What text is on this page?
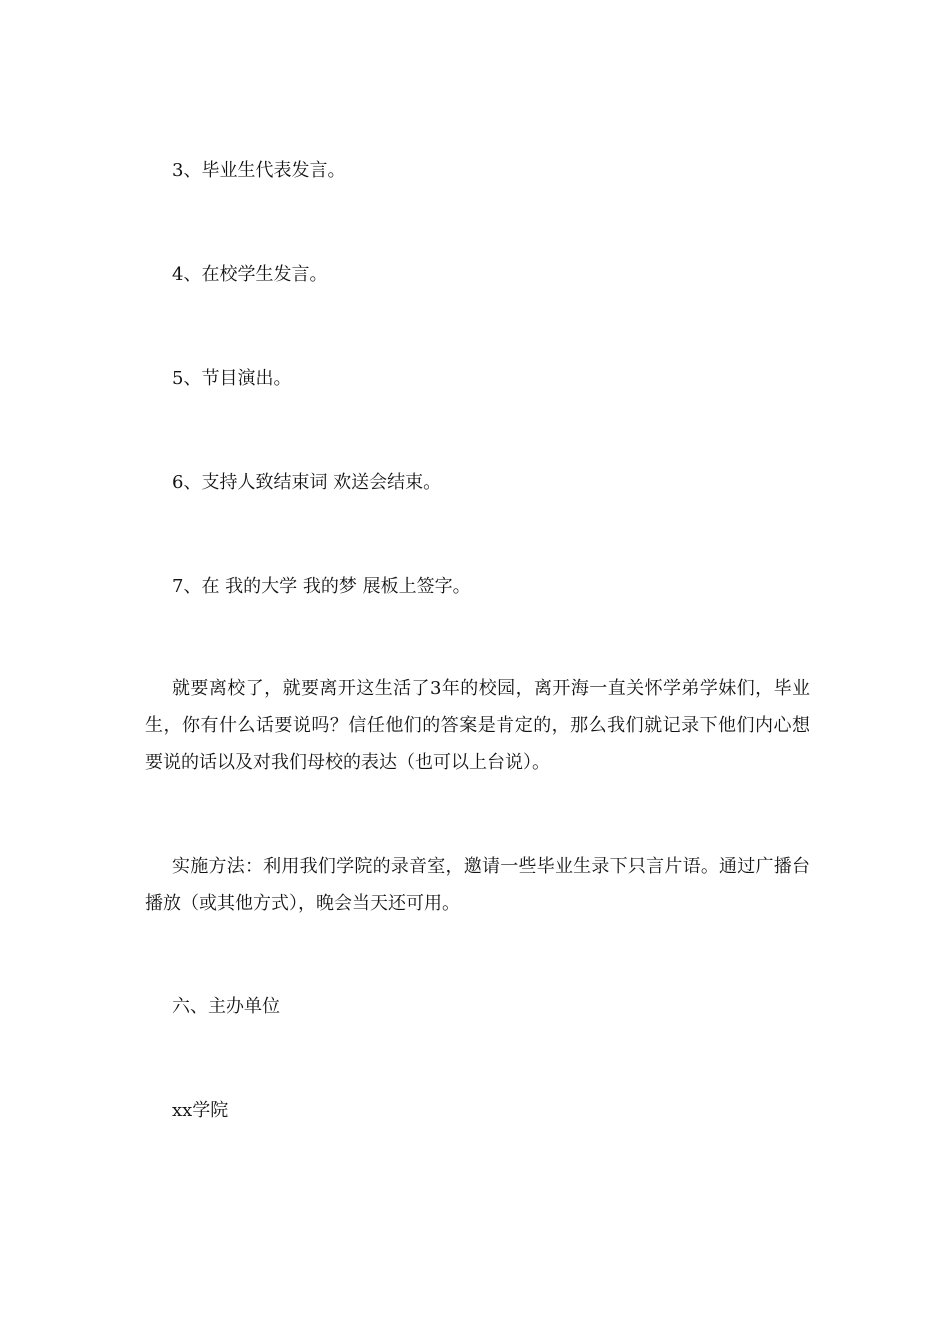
3、毕业生代表发言。
4、在校学生发言。
5、节目演出。
6、支持人致结束词 欢送会结束。
7、在 我的大学 我的梦 展板上签字。
就要离校了，就要离开这生活了3年的校园，离开海一直关怀学弟学妹们，毕业生，你有什么话要说吗？信任他们的答案是肯定的，那么我们就记录下他们内心想要说的话以及对我们母校的表达（也可以上台说）。
实施方法：利用我们学院的录音室，邀请一些毕业生录下只言片语。通过广播台播放（或其他方式），晚会当天还可用。
六、主办单位
xx学院
